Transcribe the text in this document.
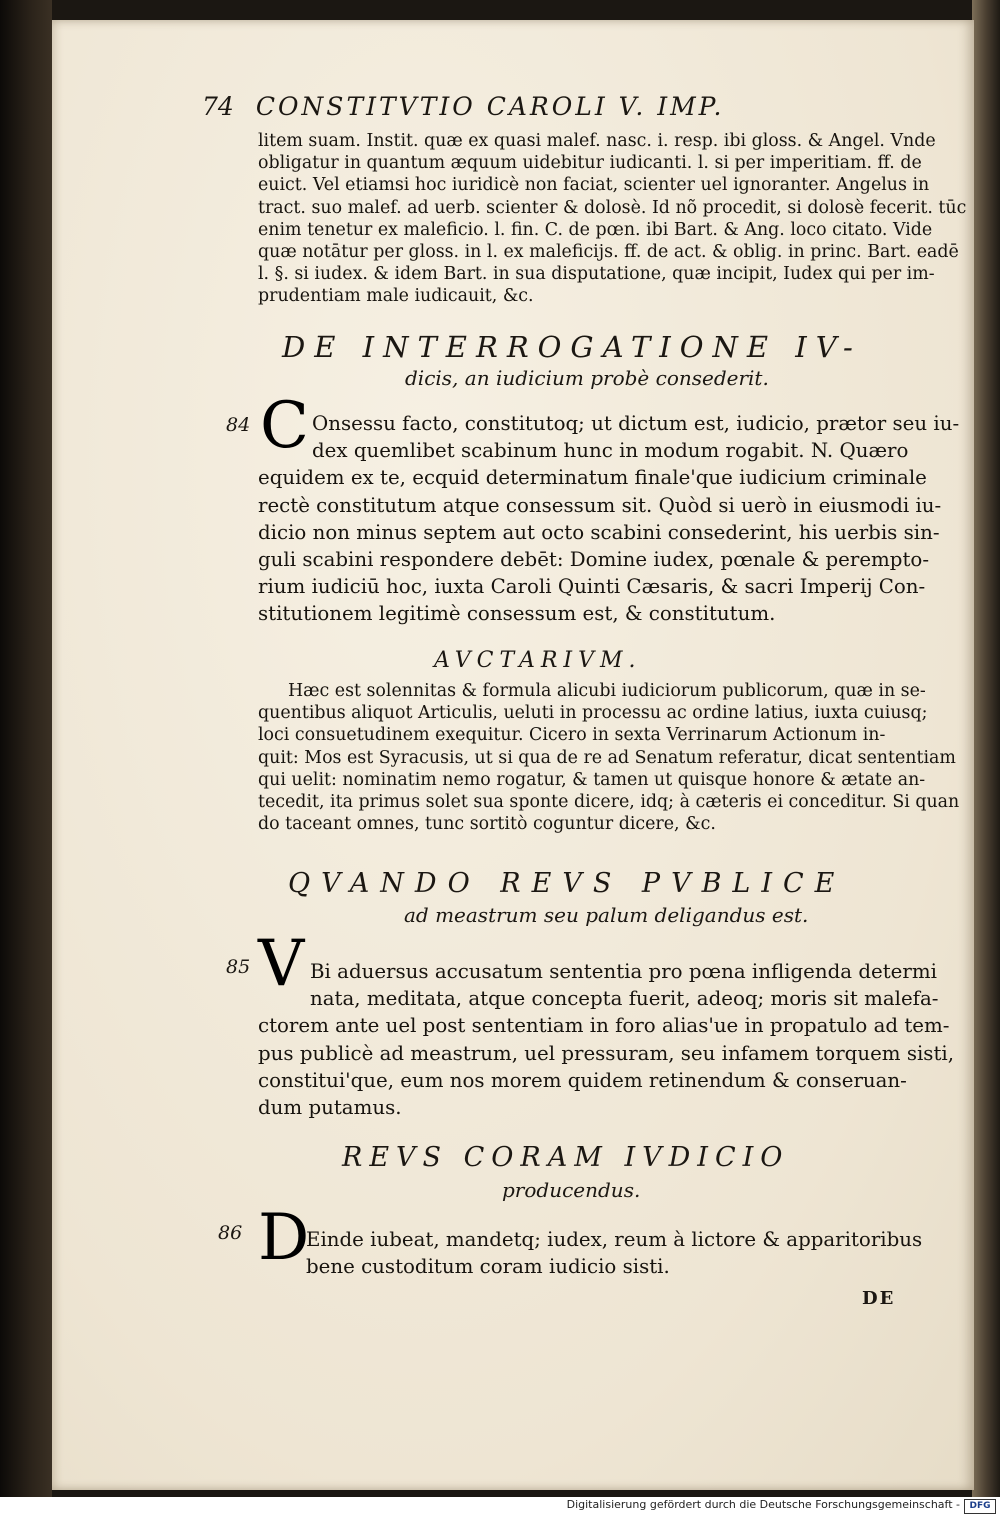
74 CONSTITVTIO CAROLI V. IMP.
litem suam. Instit. quæ ex quasi malef. nasc. i. resp. ibi gloss. & Angel. Vnde
obligatur in quantum æquum uidebitur iudicanti. l. si per imperitiam. ff. de
euict. Vel etiamsi hoc iuridicè non faciat, scienter uel ignoranter. Angelus in
tract. suo malef. ad uerb. scienter & dolosè. Id nõ procedit, si dolosè fecerit. tūc
enim tenetur ex maleficio. l. fin. C. de pœn. ibi Bart. & Ang. loco citato. Vide
quæ notātur per gloss. in l. ex maleficijs. ff. de act. & oblig. in princ. Bart. eadē
l. §. si iudex. & idem Bart. in sua disputatione, quæ incipit, Iudex qui per im-
prudentiam male iudicauit, &c.
DE INTERROGATIONE IV-
dicis, an iudicium probè consederit.
84 C Onsessu facto, constitutoq; ut dictum est, iudicio, prætor seu iu-
dex quemlibet scabinum hunc in modum rogabit. N. Quæro
equidem ex te, ecquid determinatum finale'que iudicium criminale
rectè constitutum atque consessum sit. Quòd si uerò in eiusmodi iu-
dicio non minus septem aut octo scabini consederint, his uerbis sin-
guli scabini respondere debēt: Domine iudex, pœnale & perempto-
rium iudiciū hoc, iuxta Caroli Quinti Cæsaris, & sacri Imperij Con-
stitutionem legitimè consessum est, & constitutum.
AVCTARIVM.
Hæc est solennitas & formula alicubi iudiciorum publicorum, quæ in se-
quentibus aliquot Articulis, ueluti in processu ac ordine latius, iuxta cuiusq;
loci consuetudinem exequitur. Cicero in sexta Verrinarum Actionum in-
quit: Mos est Syracusis, ut si qua de re ad Senatum referatur, dicat sententiam
qui uelit: nominatim nemo rogatur, & tamen ut quisque honore & ætate an-
tecedit, ita primus solet sua sponte dicere, idq; à cæteris ei conceditur. Si quan
do taceant omnes, tunc sortitò coguntur dicere, &c.
QVANDO REVS PVBLICE
ad meastrum seu palum deligandus est.
85 V Bi aduersus accusatum sententia pro pœna infligenda determi
nata, meditata, atque concepta fuerit, adeoq; moris sit malefa-
ctorem ante uel post sententiam in foro alias'ue in propatulo ad tem-
pus publicè ad meastrum, uel pressuram, seu infamem torquem sisti,
constitui'que, eum nos morem quidem retinendum & conseruan-
dum putamus.
REVS CORAM IVDICIO
producendus.
86 D
Einde iubeat, mandetq; iudex, reum à lictore & apparitoribus
bene custoditum coram iudicio sisti.
DE
Digitalisierung gefördert durch die Deutsche Forschungsgemeinschaft -	DFG
